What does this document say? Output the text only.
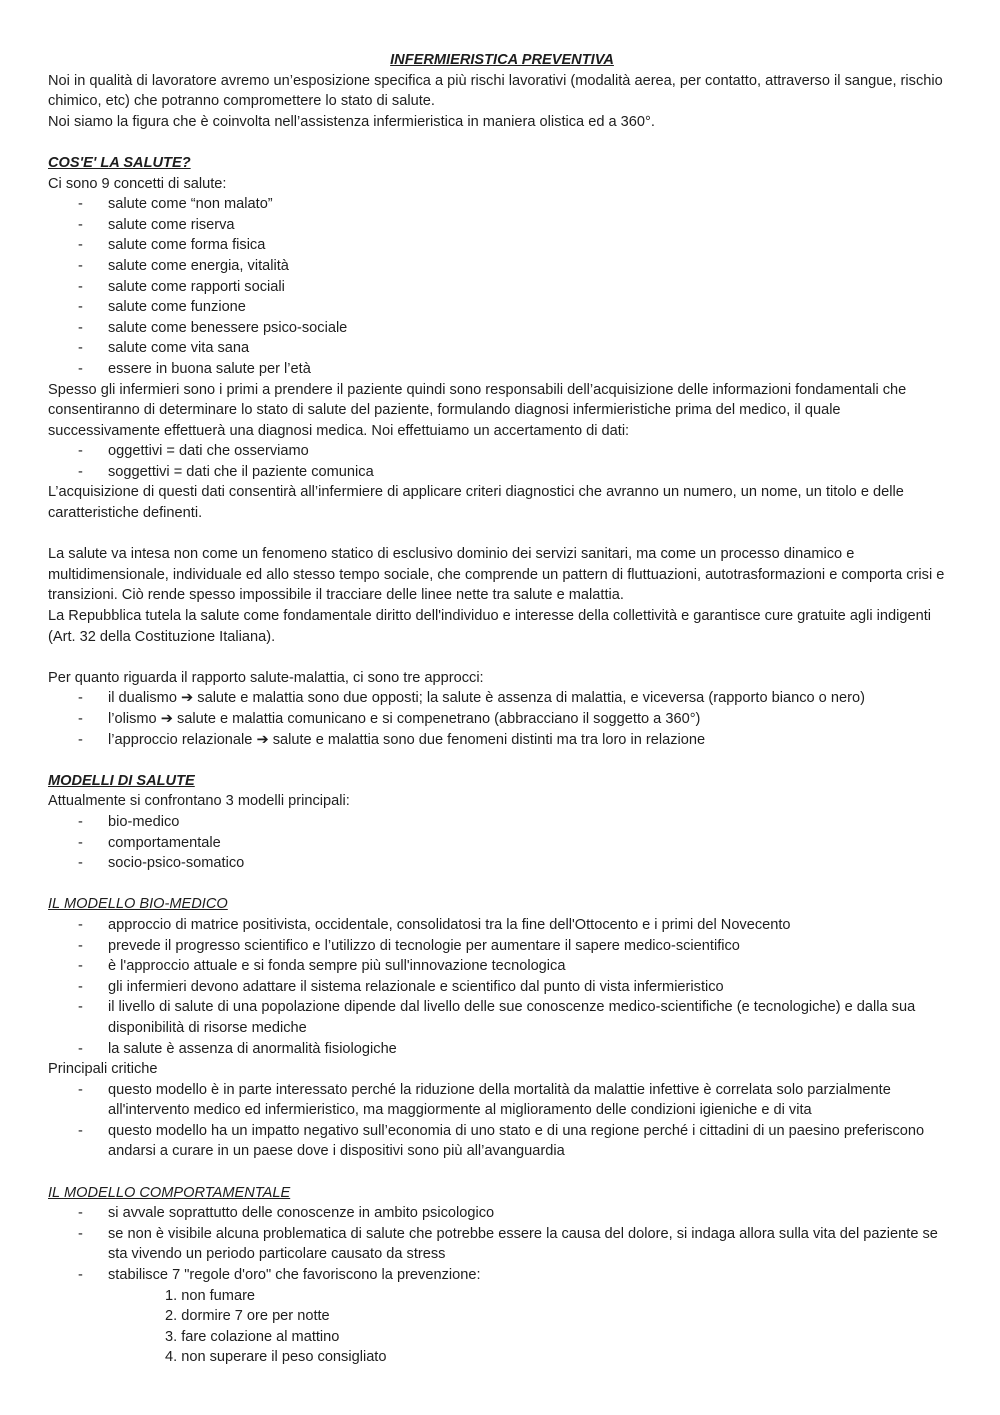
INFERMIERISTICA PREVENTIVA

Noi in qualità di lavoratore avremo un’esposizione specifica a più rischi lavorativi (modalità aerea, per contatto, attraverso il sangue, rischio chimico, etc) che potranno compromettere lo stato di salute.

Noi siamo la figura che è coinvolta nell’assistenza infermieristica in maniera olistica ed a 360°.

COS'E' LA SALUTE?

Ci sono 9 concetti di salute:

- salute come “non malato”
- salute come riserva
- salute come forma fisica
- salute come energia, vitalità
- salute come rapporti sociali
- salute come funzione
- salute come benessere psico-sociale
- salute come vita sana
- essere in buona salute per l’età

Spesso gli infermieri sono i primi a prendere il paziente quindi sono responsabili dell’acquisizione delle informazioni fondamentali che consentiranno di determinare lo stato di salute del paziente, formulando diagnosi infermieristiche prima del medico, il quale successivamente effettuerà una diagnosi medica. Noi effettuiamo un accertamento di dati:

- oggettivi = dati che osserviamo
- soggettivi = dati che il paziente comunica

L’acquisizione di questi dati consentirà all’infermiere di applicare criteri diagnostici che avranno un numero, un nome, un titolo e delle caratteristiche definenti.

La salute va intesa non come un fenomeno statico di esclusivo dominio dei servizi sanitari, ma come un processo dinamico e multidimensionale, individuale ed allo stesso tempo sociale, che comprende un pattern di fluttuazioni, autotrasformazioni e comporta crisi e transizioni. Ciò rende spesso impossibile il tracciare delle linee nette tra salute e malattia.

La Repubblica tutela la salute come fondamentale diritto dell'individuo e interesse della collettività e garantisce cure gratuite agli indigenti (Art. 32 della Costituzione Italiana).

Per quanto riguarda il rapporto salute-malattia, ci sono tre approcci:

- il dualismo ➔ salute e malattia sono due opposti; la salute è assenza di malattia, e viceversa (rapporto bianco o nero)
- l’olismo ➔ salute e malattia comunicano e si compenetrano (abbracciano il soggetto a 360°)
- l’approccio relazionale ➔ salute e malattia sono due fenomeni distinti ma tra loro in relazione

MODELLI DI SALUTE

Attualmente si confrontano 3 modelli principali:

- bio-medico
- comportamentale
- socio-psico-somatico

IL MODELLO BIO-MEDICO

- approccio di matrice positivista, occidentale, consolidatosi tra la fine dell'Ottocento e i primi del Novecento
- prevede il progresso scientifico e l’utilizzo di tecnologie per aumentare il sapere medico-scientifico
- è l'approccio attuale e si fonda sempre più sull'innovazione tecnologica
- gli infermieri devono adattare il sistema relazionale e scientifico dal punto di vista infermieristico
- il livello di salute di una popolazione dipende dal livello delle sue conoscenze medico-scientifiche (e tecnologiche) e dalla sua disponibilità di risorse mediche
- la salute è assenza di anormalità fisiologiche

Principali critiche

- questo modello è in parte interessato perché la riduzione della mortalità da malattie infettive è correlata solo parzialmente all'intervento medico ed infermieristico, ma maggiormente al miglioramento delle condizioni igieniche e di vita
- questo modello ha un impatto negativo sull’economia di uno stato e di una regione perché i cittadini di un paesino preferiscono andarsi a curare in un paese dove i dispositivi sono più all’avanguardia

IL MODELLO COMPORTAMENTALE

- si avvale soprattutto delle conoscenze in ambito psicologico
- se non è visibile alcuna problematica di salute che potrebbe essere la causa del dolore, si indaga allora sulla vita del paziente se sta vivendo un periodo particolare causato da stress
- stabilisce 7 "regole d'oro" che favoriscono la prevenzione:
1. non fumare
2. dormire 7 ore per notte
3. fare colazione al mattino
4. non superare il peso consigliato
